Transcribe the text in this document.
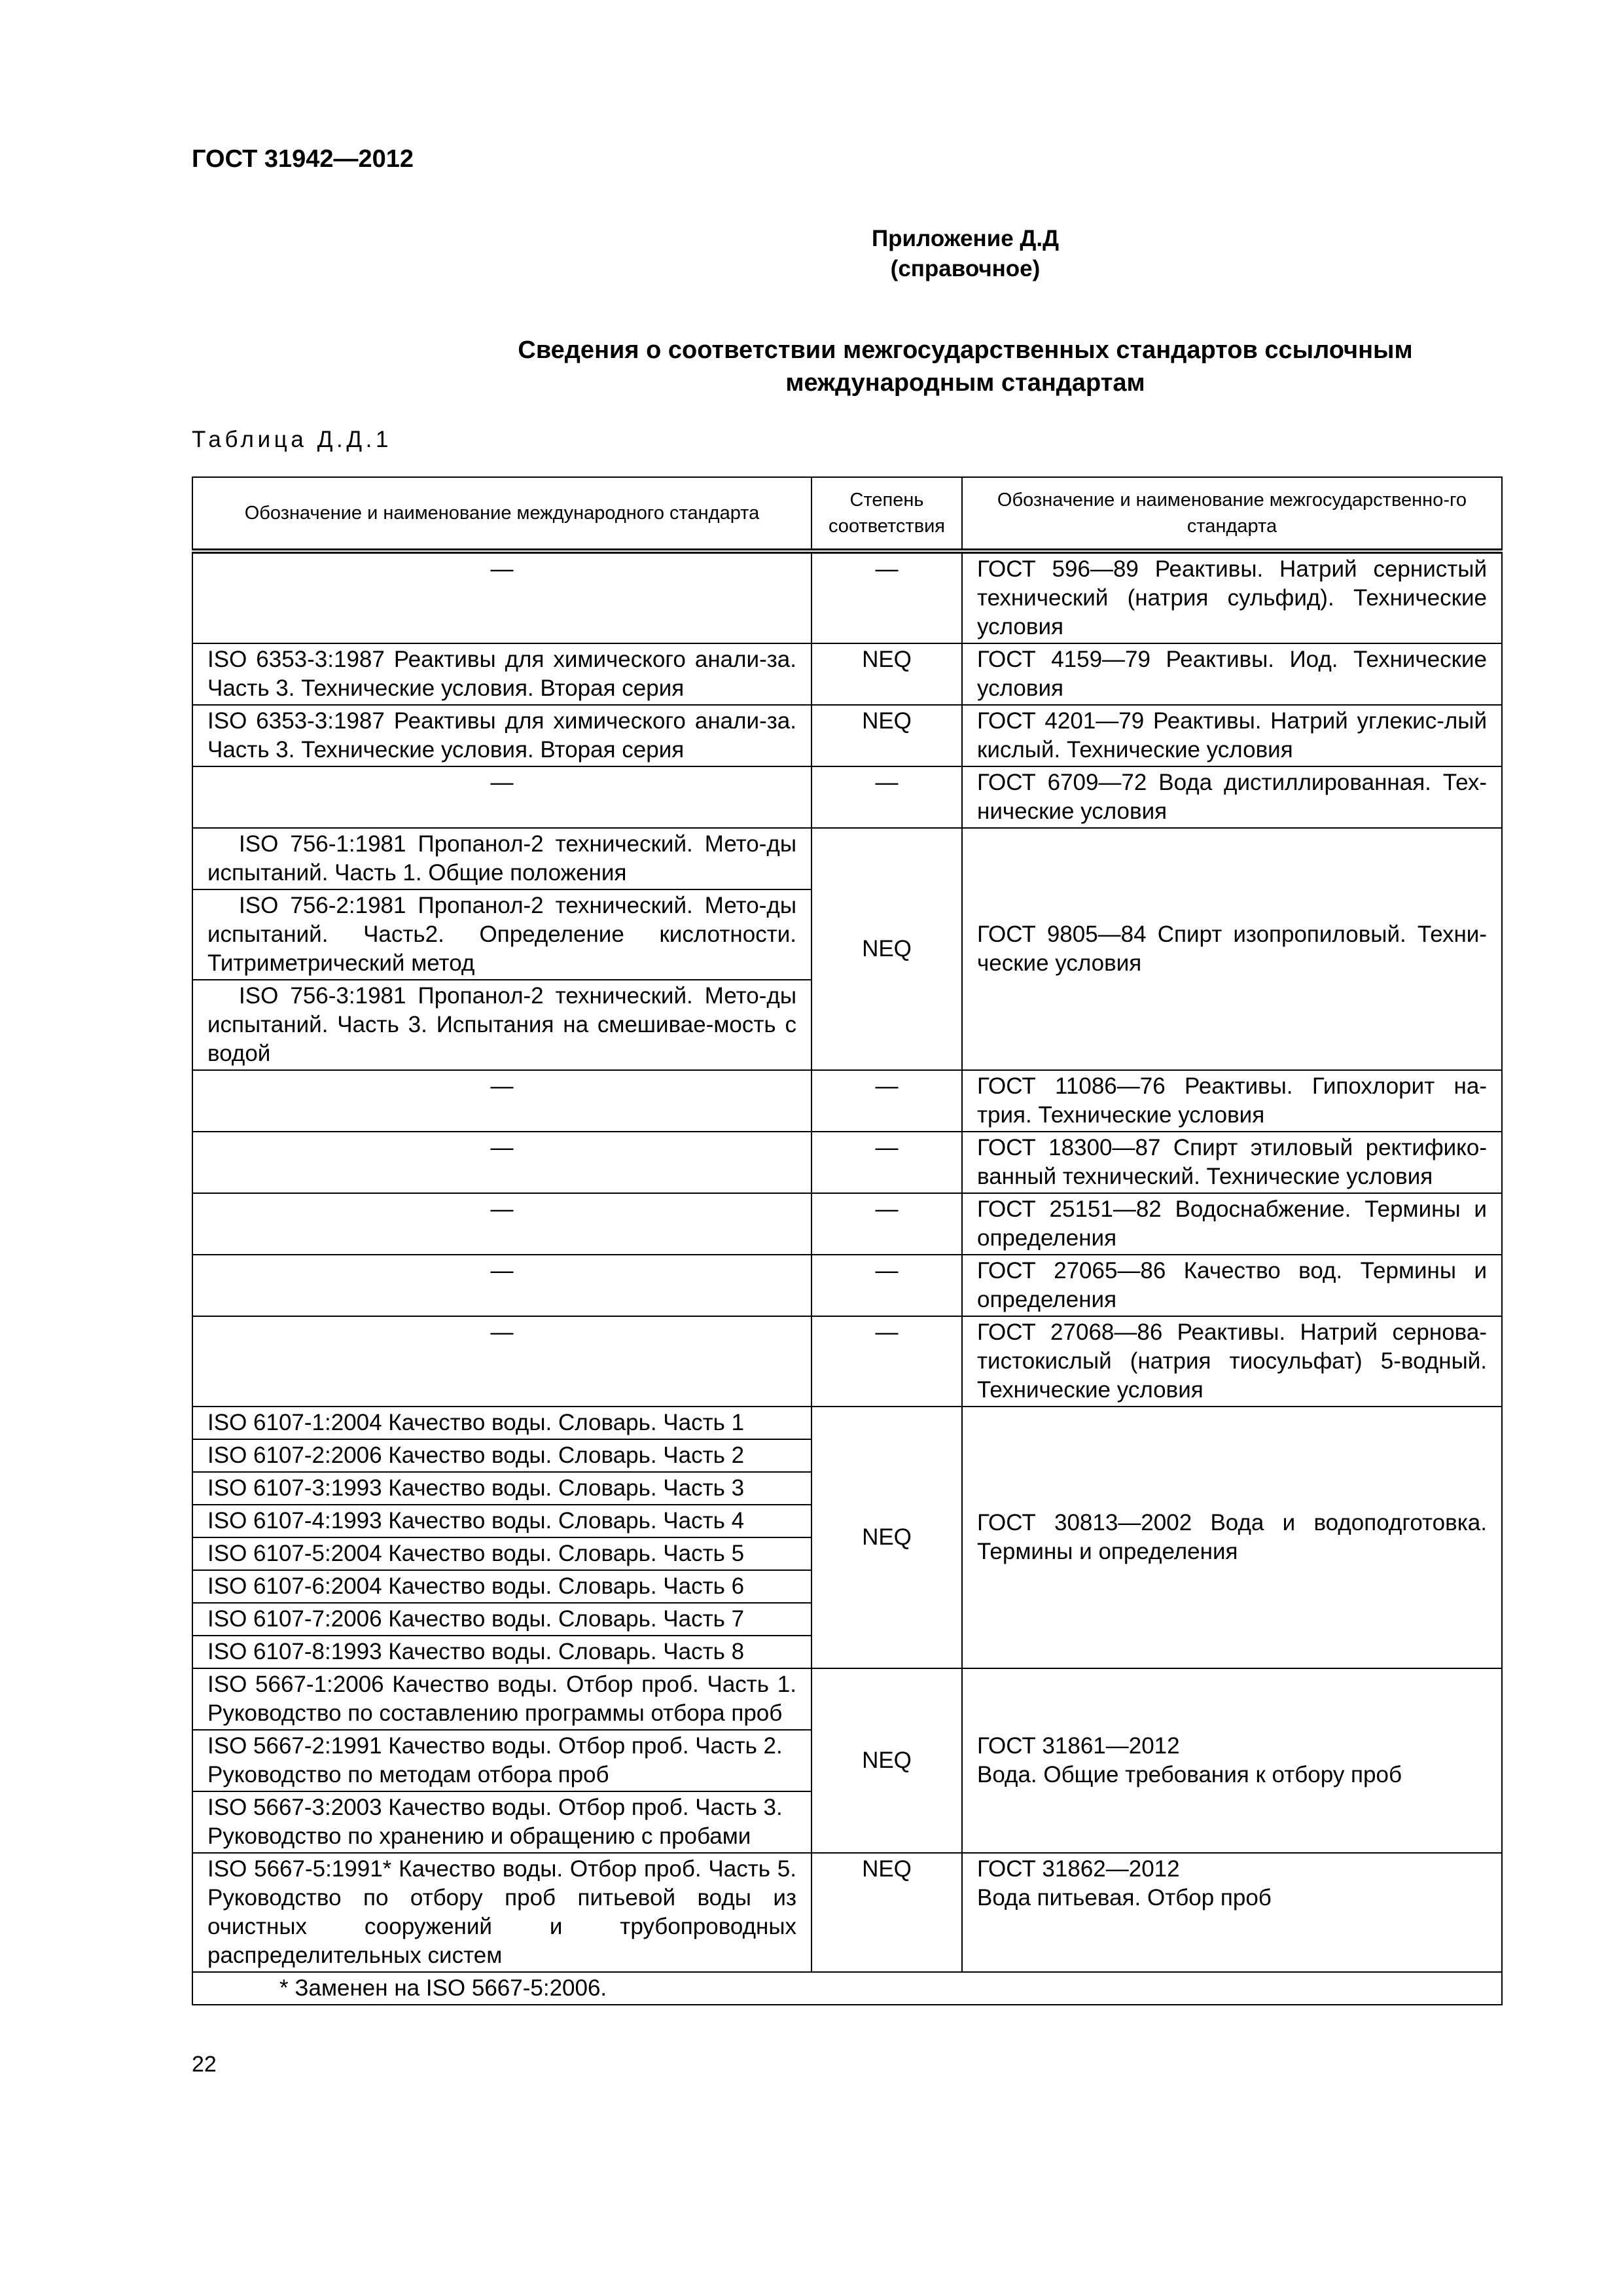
ГОСТ 31942—2012
Приложение Д.Д
(справочное)
Сведения о соответствии межгосударственных стандартов ссылочным
международным стандартам
Таблица Д.Д.1
Обозначение и наименование международного стандарта	Степень соответствия	Обозначение и наименование межгосударственно-го стандарта
—	—	ГОСТ 596—89 Реактивы. Натрий сернистый технический (натрия сульфид). Технические условия
ISO 6353-3:1987 Реактивы для химического анали-за. Часть 3. Технические условия. Вторая серия	NEQ	ГОСТ 4159—79 Реактивы. Иод. Технические условия
ISO 6353-3:1987 Реактивы для химического анали-за. Часть 3. Технические условия. Вторая серия	NEQ	ГОСТ 4201—79 Реактивы. Натрий углекис-лый кислый. Технические условия
—	—	ГОСТ 6709—72 Вода дистиллированная. Тех-нические условия
ISO 756-1:1981 Пропанол-2 технический. Мето-ды испытаний. Часть 1. Общие положения	NEQ	ГОСТ 9805—84 Спирт изопропиловый. Техни-ческие условия
ISO 756-2:1981 Пропанол-2 технический. Мето-ды испытаний. Часть2. Определение кислотности. Титриметрический метод		
ISO 756-3:1981 Пропанол-2 технический. Мето-ды испытаний. Часть 3. Испытания на смешивае-мость с водой		
—	—	ГОСТ 11086—76 Реактивы. Гипохлорит на-трия. Технические условия
—	—	ГОСТ 18300—87 Спирт этиловый ректифико-ванный технический. Технические условия
—	—	ГОСТ 25151—82 Водоснабжение. Термины и определения
—	—	ГОСТ 27065—86 Качество вод. Термины и определения
—	—	ГОСТ 27068—86 Реактивы. Натрий сернова-тистокислый (натрия тиосульфат) 5-водный. Технические условия
ISO 6107-1:2004 Качество воды. Словарь. Часть 1	NEQ	ГОСТ 30813—2002 Вода и водоподготовка. Термины и определения
ISO 6107-2:2006 Качество воды. Словарь. Часть 2		
ISO 6107-3:1993 Качество воды. Словарь. Часть 3		
ISO 6107-4:1993 Качество воды. Словарь. Часть 4		
ISO 6107-5:2004 Качество воды. Словарь. Часть 5		
ISO 6107-6:2004 Качество воды. Словарь. Часть 6		
ISO 6107-7:2006 Качество воды. Словарь. Часть 7		
ISO 6107-8:1993 Качество воды. Словарь. Часть 8		
ISO 5667-1:2006 Качество воды. Отбор проб. Часть 1. Руководство по составлению программы отбора проб	NEQ	ГОСТ 31861—2012
Вода. Общие требования к отбору проб

ISO 5667-2:1991 Качество воды. Отбор проб. Часть 2. Руководство по методам отбора проб		
ISO 5667-3:2003 Качество воды. Отбор проб. Часть 3. Руководство по хранению и обращению с пробами		
ISO 5667-5:1991* Качество воды. Отбор проб. Часть 5. Руководство по отбору проб питьевой воды из очистных сооружений и трубопроводных распределительных систем	NEQ	ГОСТ 31862—2012
Вода питьевая. Отбор проб

* Заменен на ISO 5667-5:2006.		
22
